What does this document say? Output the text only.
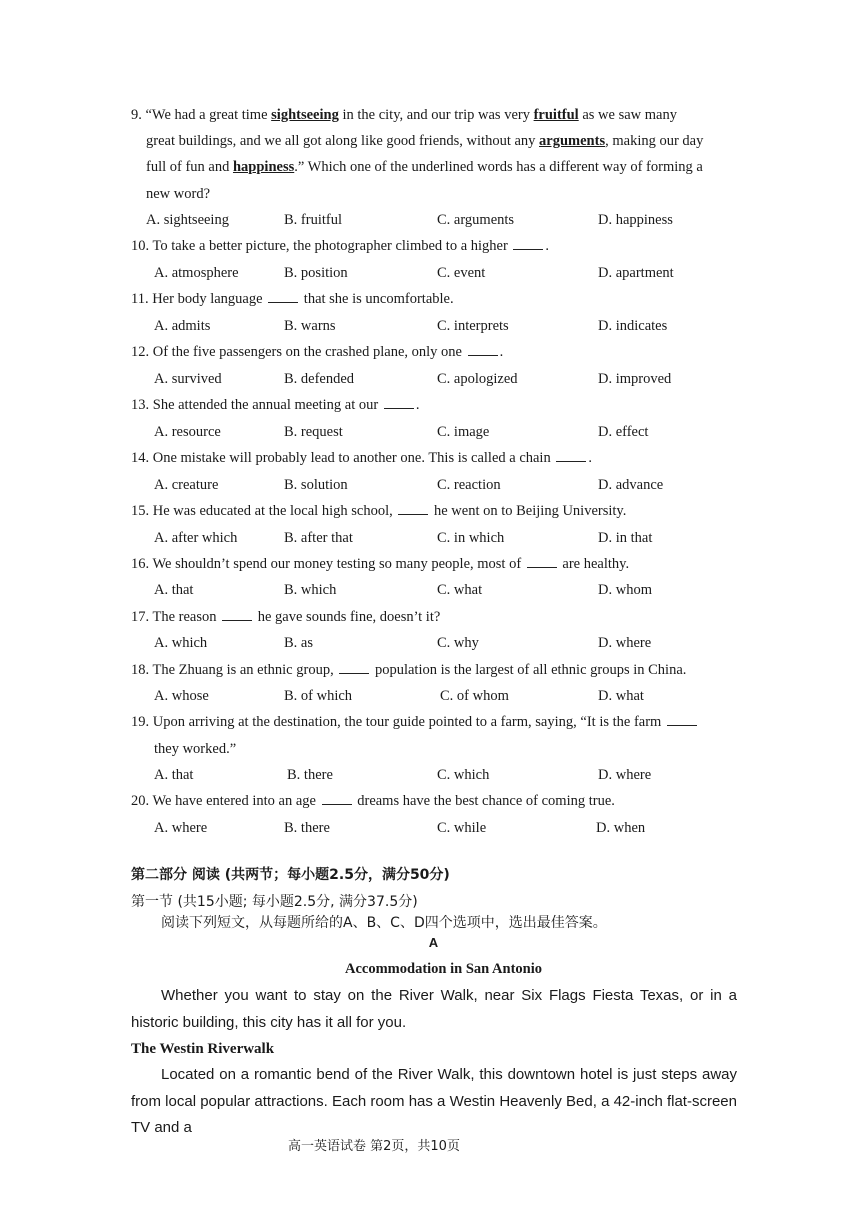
9. “We had a great time sightseeing in the city, and our trip was very fruitful as we saw many
great buildings, and we all got along like good friends, without any arguments, making our day
full of fun and happiness.” Which one of the underlined words has a different way of forming a
new word?
A. sightseeing	B. fruitful	C. arguments	D. happiness
10. To take a better picture, the photographer climbed to a higher .
A. atmosphere	B. position	C. event	D. apartment
11. Her body language  that she is uncomfortable.
A. admits	B. warns	C. interprets	D. indicates
12. Of the five passengers on the crashed plane, only one .
A. survived	B. defended	C. apologized	D. improved
13. She attended the annual meeting at our .
A. resource	B. request	C. image	D. effect
14. One mistake will probably lead to another one. This is called a chain .
A. creature	B. solution	C. reaction	D. advance
15. He was educated at the local high school,  he went on to Beijing University.
A. after which	B. after that	C. in which	D. in that
16. We shouldn’t spend our money testing so many people, most of  are healthy.
A. that	B. which	C. what	D. whom
17. The reason  he gave sounds fine, doesn’t it?
A. which	B. as	C. why	D. where
18. The Zhuang is an ethnic group,  population is the largest of all ethnic groups in China.
A. whose	B. of which	C. of whom	D. what
19. Upon arriving at the destination, the tour guide pointed to a farm, saying, “It is the farm
they worked.”
A. that	B. there	C. which	D. where
20. We have entered into an age  dreams have the best chance of coming true.
A. where	B. there	C. while	D. when
第二部分 阅读 (共两节；每小题2.5分，满分50分)
第一节 (共15小题; 每小题2.5分, 满分37.5分)
阅读下列短文，从每题所给的A、B、C、D四个选项中，选出最佳答案。
A
Accommodation in San Antonio
Whether you want to stay on the River Walk, near Six Flags Fiesta Texas, or in a historic building, this city has it all for you.
The Westin Riverwalk
Located on a romantic bend of the River Walk, this downtown hotel is just steps away from local popular attractions. Each room has a Westin Heavenly Bed, a 42-inch flat-screen TV and a
高一英语试卷 第2页，共10页
